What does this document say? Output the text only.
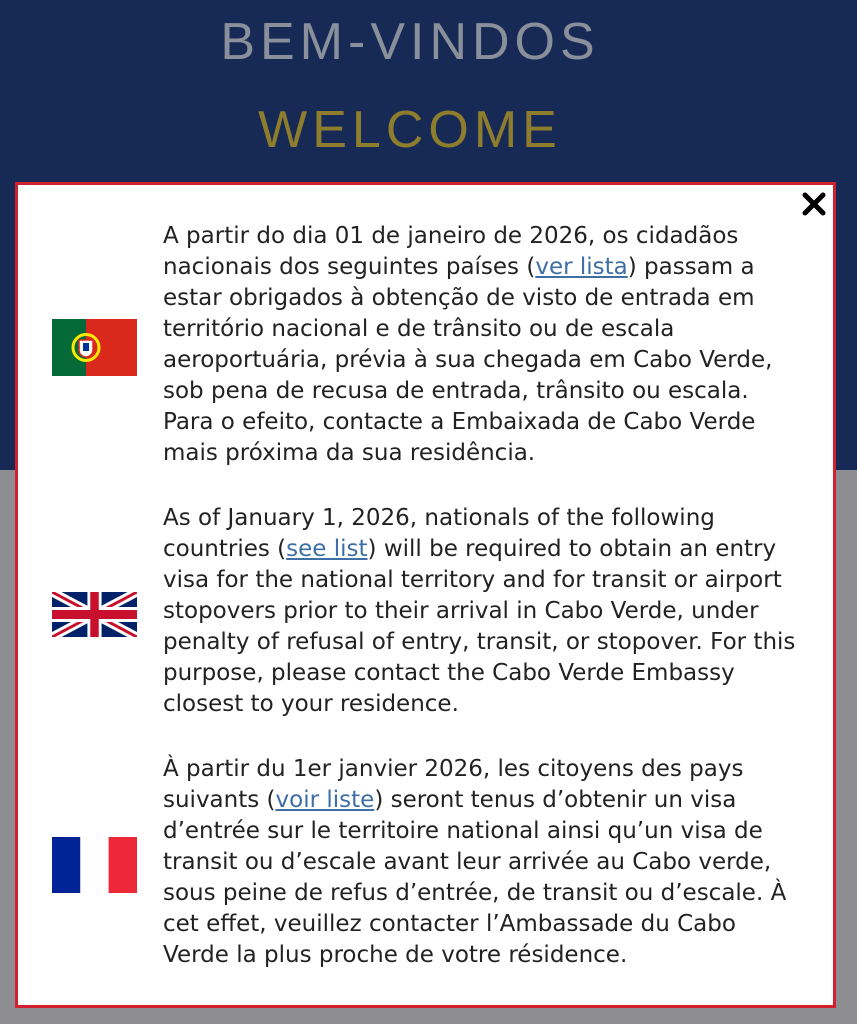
BEM-VINDOS
WELCOME

A partir do dia 01 de janeiro de 2026, os cidadãos nacionais dos seguintes países (ver lista) passam a estar obrigados à obtenção de visto de entrada em território nacional e de trânsito ou de escala aeroportuária, prévia à sua chegada em Cabo Verde, sob pena de recusa de entrada, trânsito ou escala. Para o efeito, contacte a Embaixada de Cabo Verde mais próxima da sua residência.

As of January 1, 2026, nationals of the following countries (see list) will be required to obtain an entry visa for the national territory and for transit or airport stopovers prior to their arrival in Cabo Verde, under penalty of refusal of entry, transit, or stopover. For this purpose, please contact the Cabo Verde Embassy closest to your residence.

À partir du 1er janvier 2026, les citoyens des pays suivants (voir liste) seront tenus d’obtenir un visa d’entrée sur le territoire national ainsi qu’un visa de transit ou d’escale avant leur arrivée au Cabo verde, sous peine de refus d’entrée, de transit ou d’escale. À cet effet, veuillez contacter l’Ambassade du Cabo Verde la plus proche de votre résidence.
